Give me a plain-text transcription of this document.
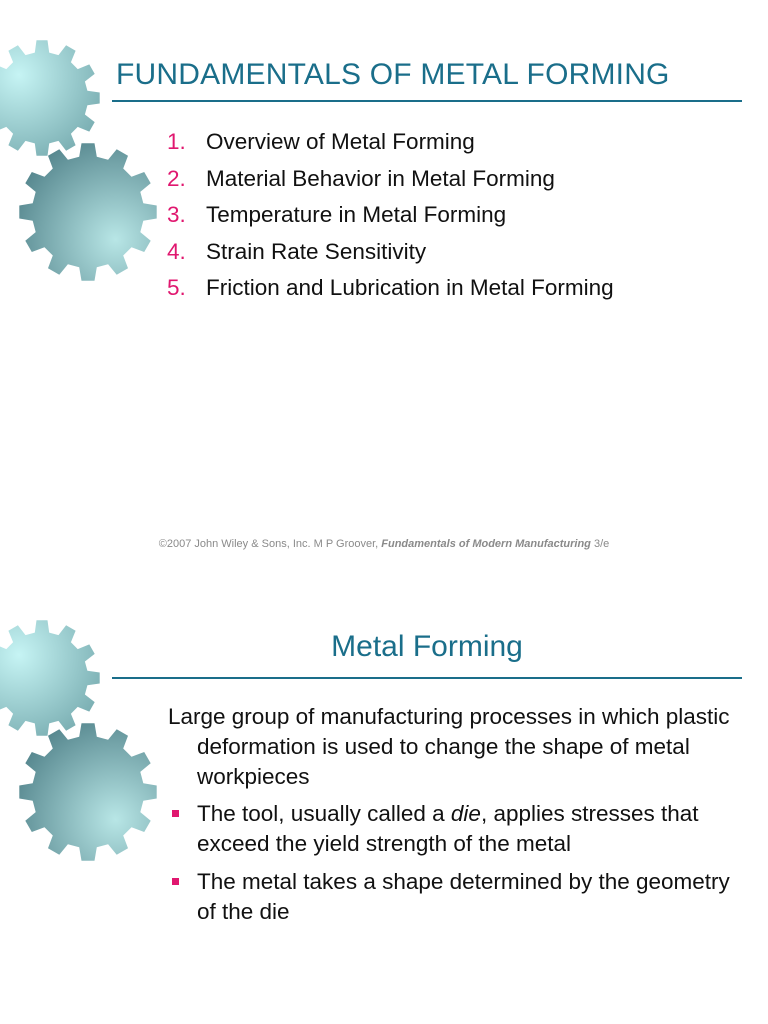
FUNDAMENTALS OF METAL FORMING
1. Overview of Metal Forming
2. Material Behavior in Metal Forming
3. Temperature in Metal Forming
4. Strain Rate Sensitivity
5. Friction and Lubrication in Metal Forming
©2007 John Wiley & Sons, Inc. M P Groover, Fundamentals of Modern Manufacturing 3/e
Metal Forming

Large group of manufacturing processes in which plastic deformation is used to change the shape of metal workpieces

The tool, usually called a die, applies stresses that exceed the yield strength of the metal
The metal takes a shape determined by the geometry of the die
